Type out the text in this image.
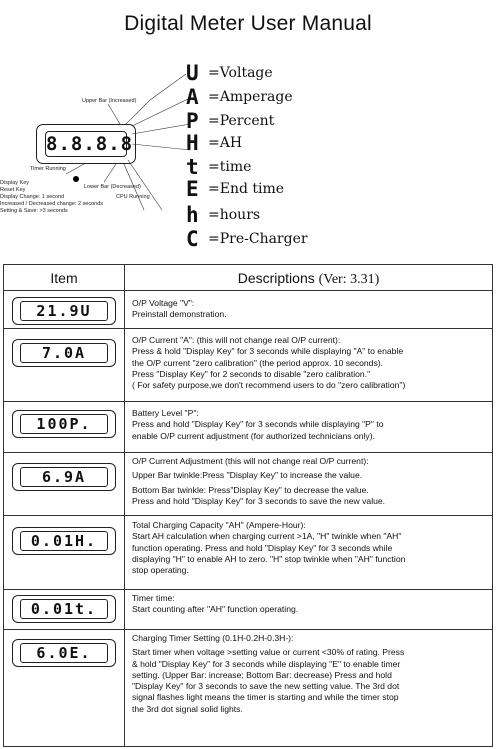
Digital Meter User Manual
8.8.8.8
Upper Bar (Increased)
Timer Running
Lower Bar (Decreased)
CPU Running
Display Key
Reset Key
Display Change: 1 second
Increased / Decreased change: 2 seconds
Setting & Save: >3 seconds
U =Voltage
A =Amperage
P =Percent
H =AH
t =time
E =End time
h =hours
C =Pre-Charger
Item	Descriptions (Ver: 3.31)
21.9U	O/P Voltage "V":

Preinstall demonstration.

7.0A

O/P Current "A": (this will not change real O/P current):

Press & hold "Display Key" for 3 seconds while displaying "A" to enable

the O/P current "zero calibration" (the period approx. 10 seconds).

Press "Display Key" for 2 seconds to disable "zero calibration."

( For safety purpose,we don't recommend users to do "zero calibration")

100P.

Battery Level "P":

Press and hold "Display Key" for 3 seconds while displaying "P" to

enable O/P current adjustment (for authorized technicians only).

6.9A

O/P Current Adjustment (this will not change real O/P current):

Upper Bar twinkle:Press "Display Key" to increase the value.

Bottom Bar twinkle: Press"Display Key" to decrease the value.

Press and hold "Display Key" for 3 seconds to save the new value.

0.01H.

Total Charging Capacity "AH" (Ampere-Hour):

Start AH calculation when charging current >1A, "H" twinkle when "AH"

function operating. Press and hold "Display Key" for 3 seconds while

displaying "H" to enable AH to zero. "H" stop twinkle when "AH" function

stop operating.

0.01t.

Timer time:

Start counting after "AH" function operating.

6.0E.

Charging Timer Setting (0.1H-0.2H-0.3H-):

Start timer when voltage >setting value or current <30% of rating. Press

& hold "Display Key" for 3 seconds while displaying "E" to enable timer

setting. (Upper Bar: increase; Bottom Bar: decrease) Press and hold

"Display Key" for 3 seconds to save the new setting value. The 3rd dot

signal flashes light means the timer is starting and while the timer stop

the 3rd dot signal solid lights.
